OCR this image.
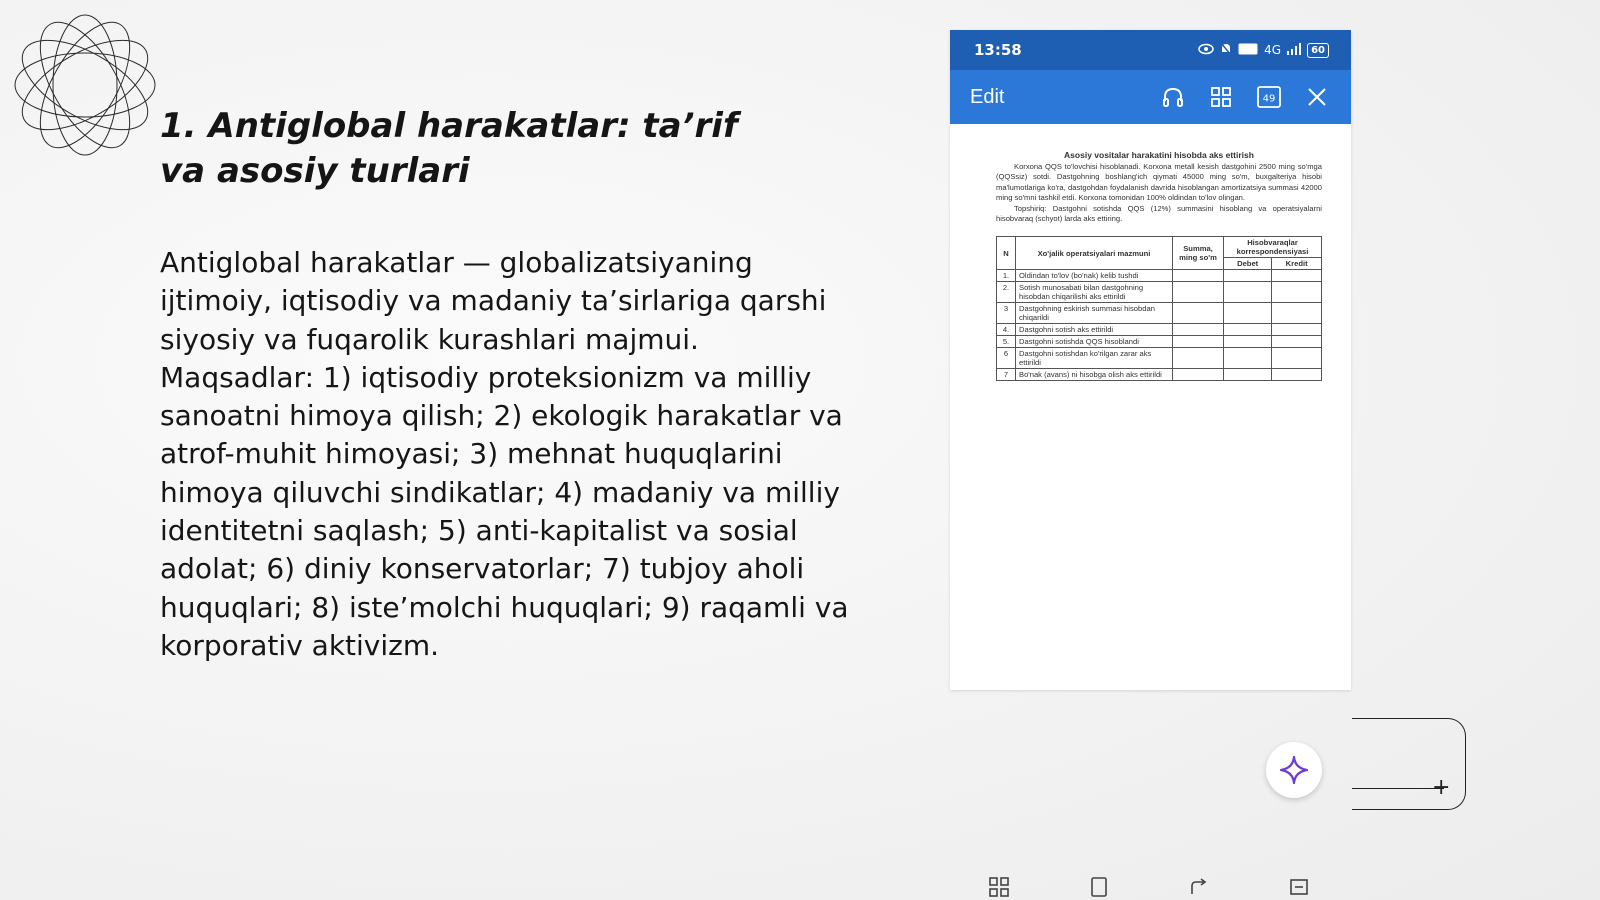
1. Antiglobal harakatlar: ta’rif va asosiy turlari

Antiglobal harakatlar — globalizatsiyaning ijtimoiy, iqtisodiy va madaniy ta’sirlariga qarshi siyosiy va fuqarolik kurashlari majmui. Maqsadlar: 1) iqtisodiy proteksionizm va milliy sanoatni himoya qilish; 2) ekologik harakatlar va atrof-muhit himoyasi; 3) mehnat huquqlarini himoya qiluvchi sindikatlar; 4) madaniy va milliy identitetni saqlash; 5) anti-kapitalist va sosial adolat; 6) diniy konservatorlar; 7) tubjoy aholi huquqlari; 8) iste’molchi huquqlari; 9) raqamli va korporativ aktivizm.

13:58	4G	60
Edit	49

Asosiy vositalar harakatini hisobda aks ettirish

Korxona QQS to'lovchisi hisoblanadi. Korxona metall kesish dastgohini 2500 ming so'mga (QQSsiz) sotdi. Dastgohning boshlang'ich qiymati 45000 ming so'm, buxgalteriya hisobi ma'lumotlariga ko'ra, dastgohdan foydalanish davrida hisoblangan amortizatsiya summasi 42000 ming so'mni tashkil etdi. Korxona tomonidan 100% oldindan to'lov olingan.

Topshiriq: Dastgohni sotishda QQS (12%) summasini hisoblang va operatsiyalarni hisobvaraq (schyot) larda aks ettiring.

N	Xo'jalik operatsiyalari mazmuni	Summa, ming so'm	Hisobvaraqlar korrespondensiyasi	
			Debet	Kredit
1.	Oldindan to'lov (bo'nak) kelib tushdi			
2.	Sotish munosabati bilan dastgohning hisobdan chiqarilishi aks ettirildi			
3	Dastgohning eskirish summasi hisobdan chiqarildi			
4.	Dastgohni sotish aks ettirildi			
5.	Dastgohni sotishda QQS hisoblandi			
6	Dastgohni sotishdan ko'rilgan zarar aks ettirildi			
7	Bo'nak (avans) ni hisobga olish aks ettirildi			
+
